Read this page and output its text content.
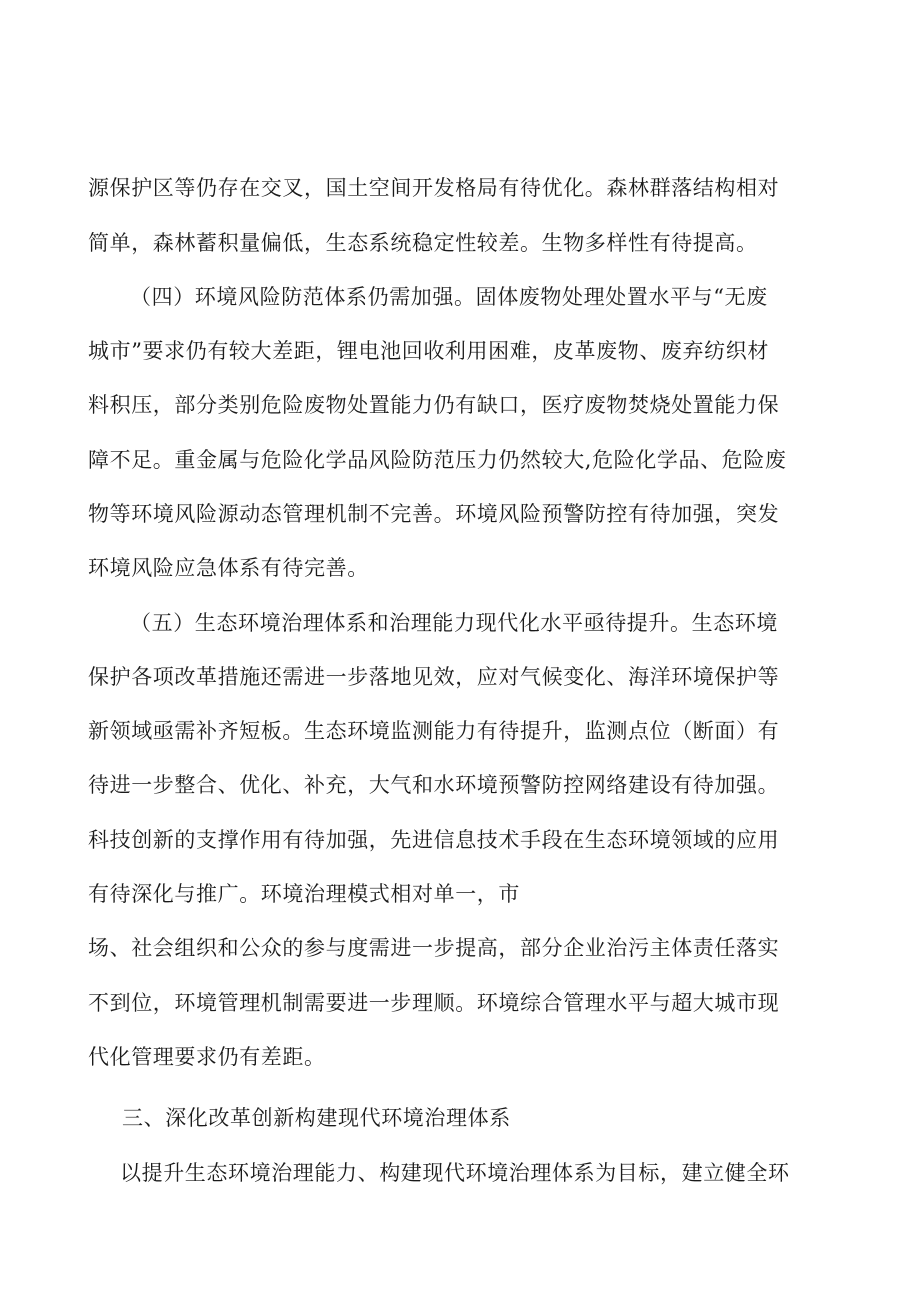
源保护区等仍存在交叉，国土空间开发格局有待优化。森林群落结构相对
简单，森林蓄积量偏低，生态系统稳定性较差。生物多样性有待提高。
（四）环境风险防范体系仍需加强。固体废物处理处置水平与“无废
城市”要求仍有较大差距，锂电池回收利用困难，皮革废物、废弃纺织材
料积压，部分类别危险废物处置能力仍有缺口，医疗废物焚烧处置能力保
障不足。重金属与危险化学品风险防范压力仍然较大,危险化学品、危险废
物等环境风险源动态管理机制不完善。环境风险预警防控有待加强，突发
环境风险应急体系有待完善。
（五）生态环境治理体系和治理能力现代化水平亟待提升。生态环境
保护各项改革措施还需进一步落地见效，应对气候变化、海洋环境保护等
新领域亟需补齐短板。生态环境监测能力有待提升，监测点位（断面）有
待进一步整合、优化、补充，大气和水环境预警防控网络建设有待加强。
科技创新的支撑作用有待加强，先进信息技术手段在生态环境领域的应用
有待深化与推广。环境治理模式相对单一，市
场、社会组织和公众的参与度需进一步提高，部分企业治污主体责任落实
不到位，环境管理机制需要进一步理顺。环境综合管理水平与超大城市现
代化管理要求仍有差距。
三、深化改革创新构建现代环境治理体系
以提升生态环境治理能力、构建现代环境治理体系为目标，建立健全环
